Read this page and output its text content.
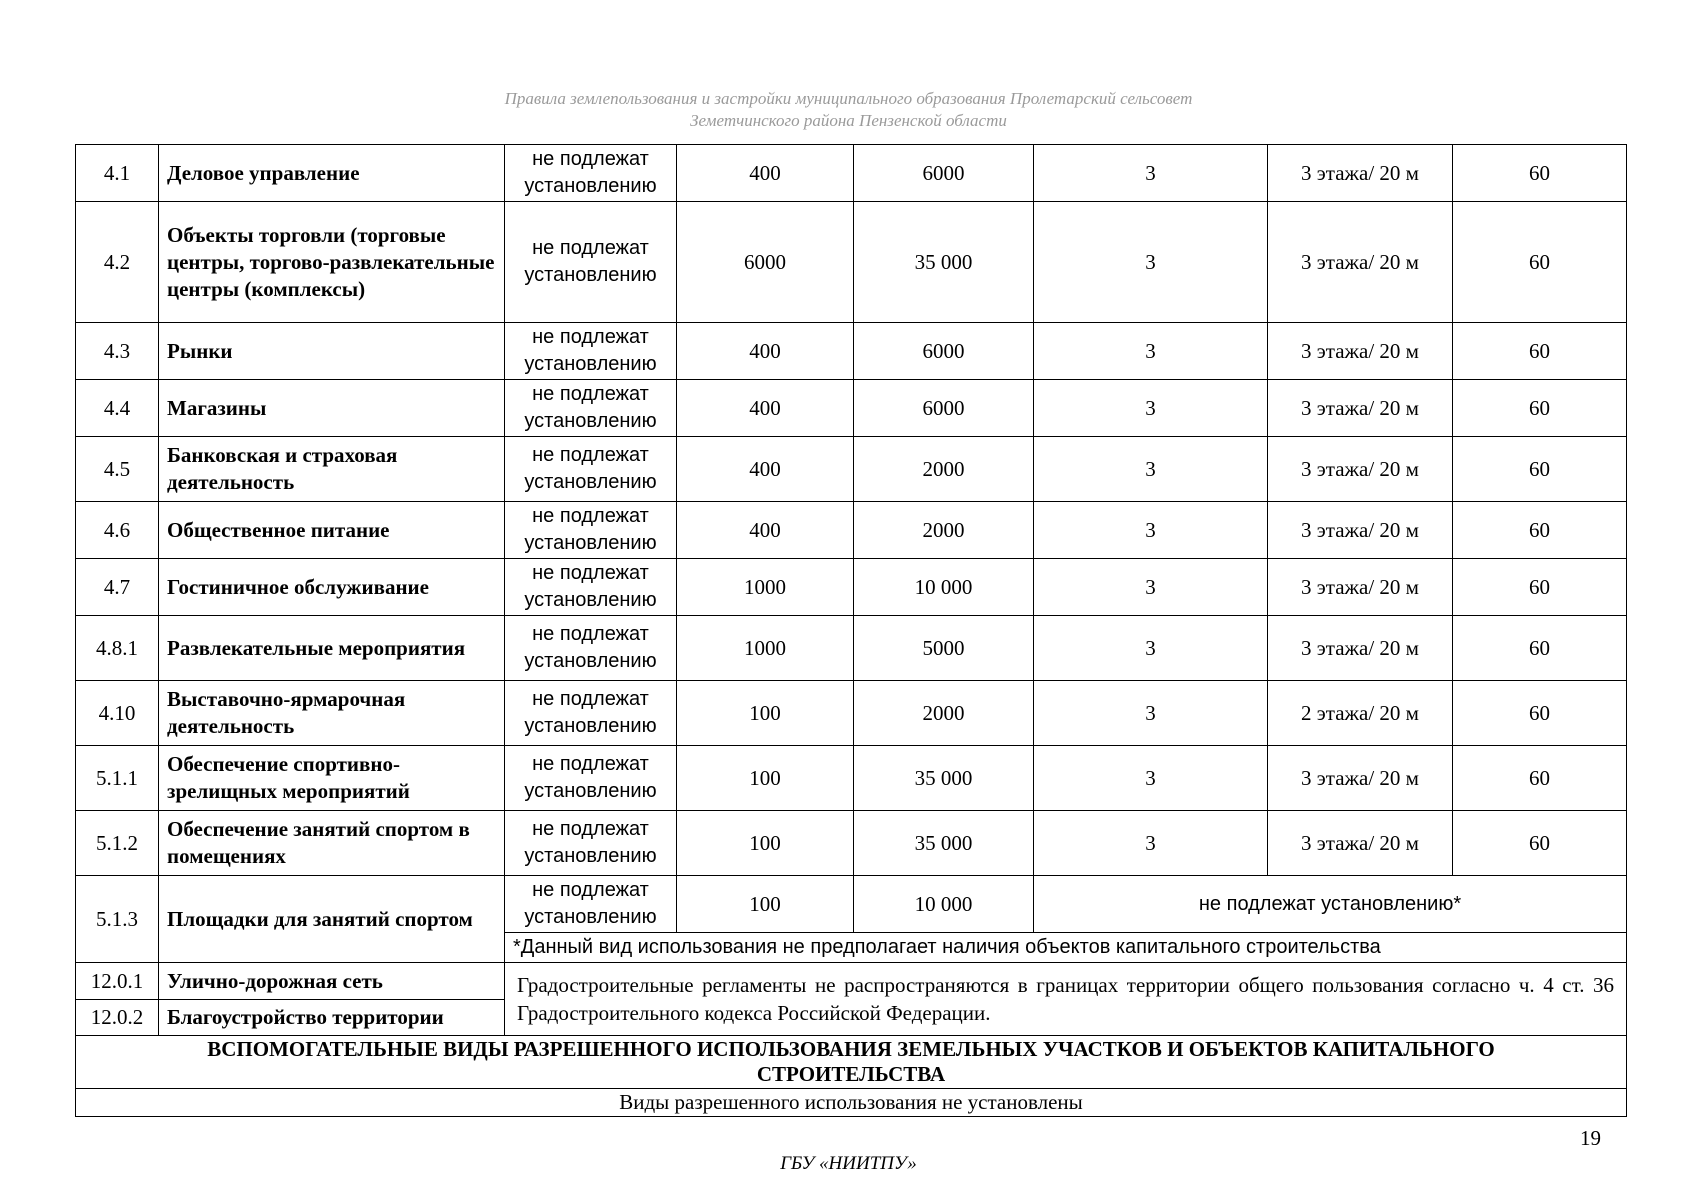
Правила землепользования и застройки муниципального образования Пролетарский сельсовет
Земетчинского района Пензенской области
4.1	Деловое управление	не подлежат установлению	400	6000	3	3 этажа/ 20 м	60
4.2	Объекты торговли (торговые центры, торгово-развлекательные центры (комплексы)	не подлежат установлению	6000	35 000	3	3 этажа/ 20 м	60
4.3	Рынки	не подлежат установлению	400	6000	3	3 этажа/ 20 м	60
4.4	Магазины	не подлежат установлению	400	6000	3	3 этажа/ 20 м	60
4.5	Банковская и страховая деятельность	не подлежат установлению	400	2000	3	3 этажа/ 20 м	60
4.6	Общественное питание	не подлежат установлению	400	2000	3	3 этажа/ 20 м	60
4.7	Гостиничное обслуживание	не подлежат установлению	1000	10 000	3	3 этажа/ 20 м	60
4.8.1	Развлекательные мероприятия	не подлежат установлению	1000	5000	3	3 этажа/ 20 м	60
4.10	Выставочно-ярмарочная деятельность	не подлежат установлению	100	2000	3	2 этажа/ 20 м	60
5.1.1	Обеспечение спортивно-зрелищных мероприятий	не подлежат установлению	100	35 000	3	3 этажа/ 20 м	60
5.1.2	Обеспечение занятий спортом в помещениях	не подлежат установлению	100	35 000	3	3 этажа/ 20 м	60
5.1.3	Площадки для занятий спортом	не подлежат установлению	100	10 000	не подлежат установлению*		
		*Данный вид использования не предполагает наличия объектов капитального строительства					
12.0.1	Улично-дорожная сеть	Градостроительные регламенты не распространяются в границах территории общего пользования согласно ч. 4 ст. 36 Градостроительного кодекса Российской Федерации.					
12.0.2	Благоустройство территории						
ВСПОМОГАТЕЛЬНЫЕ ВИДЫ РАЗРЕШЕННОГО ИСПОЛЬЗОВАНИЯ ЗЕМЕЛЬНЫХ УЧАСТКОВ И ОБЪЕКТОВ КАПИТАЛЬНОГО СТРОИТЕЛЬСТВА							
Виды разрешенного использования не установлены							
19
ГБУ «НИИТПУ»
